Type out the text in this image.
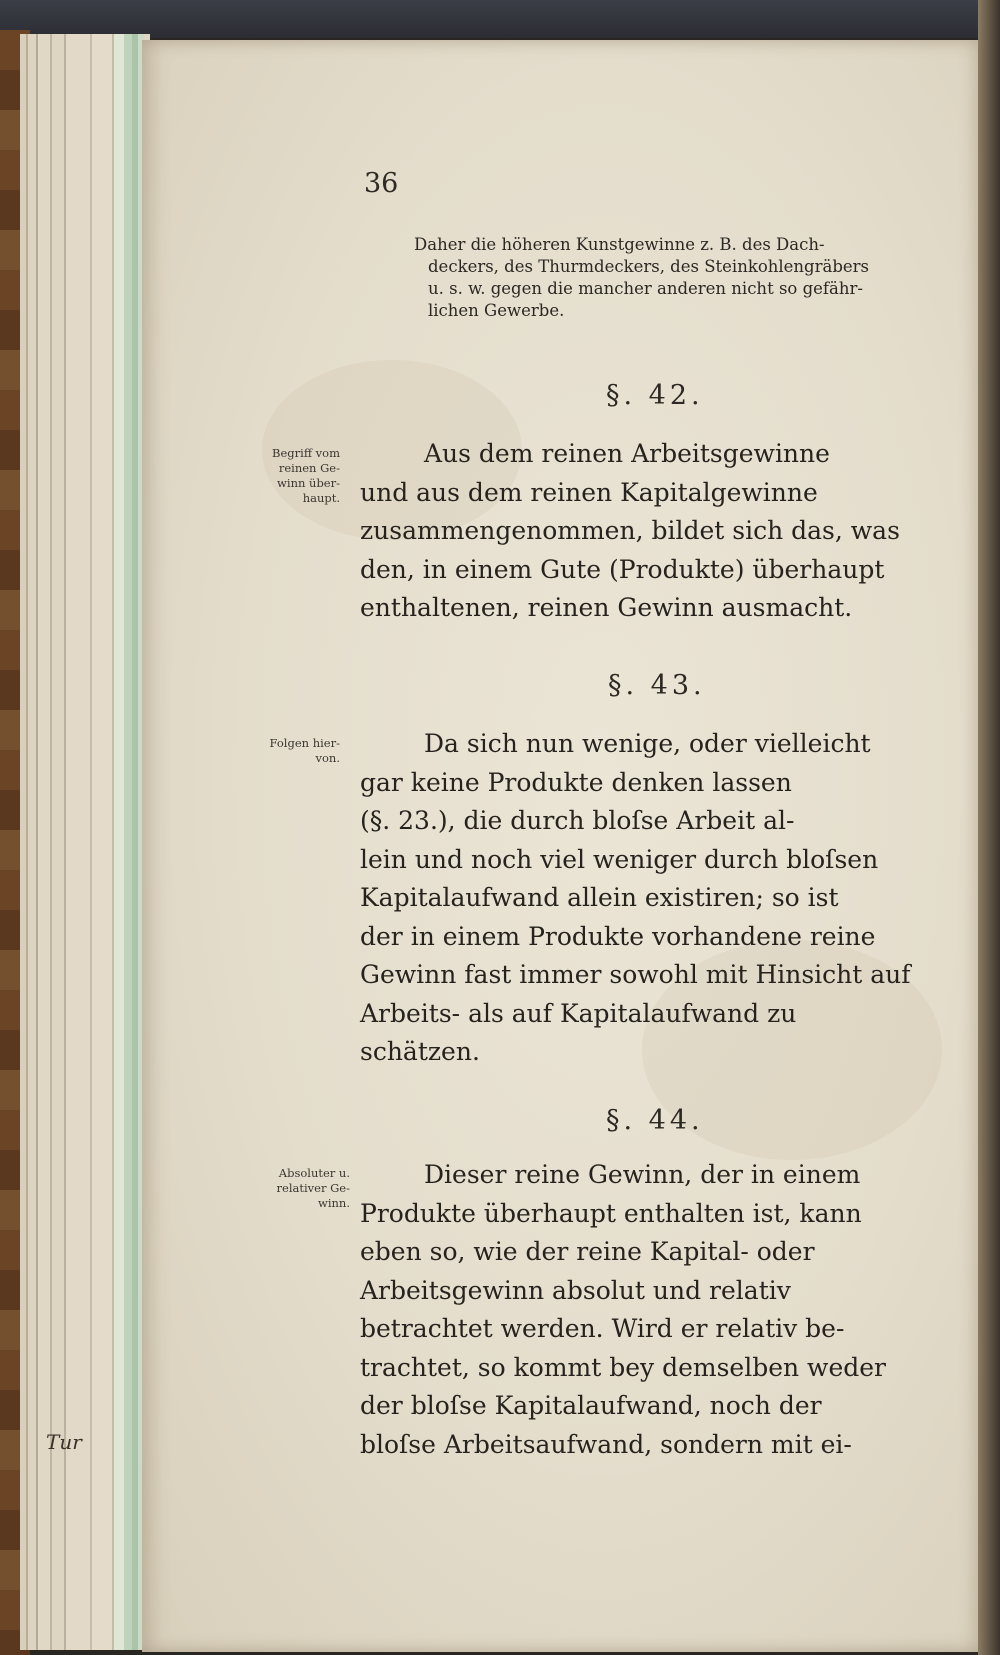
36

Daher die höheren Kunstgewinne z. B. des Dach-
deckers, des Thurmdeckers, des Steinkohlengräbers
u. s. w. gegen die mancher anderen nicht so gefähr-
lichen Gewerbe.

§. 42.

Begriff vom
reinen Ge-
winn über-
haupt.

Aus dem reinen Arbeitsgewinne
und aus dem reinen Kapitalgewinne
zusammengenommen, bildet sich das, was
den, in einem Gute (Produkte) überhaupt
enthaltenen, reinen Gewinn ausmacht.

§. 43.

Folgen hier-
von.	Da sich nun wenige, oder vielleicht
gar keine Produkte denken lassen
(§. 23.), die durch bloſse Arbeit al-
lein und noch viel weniger durch bloſsen
Kapitalaufwand allein existiren; so ist
der in einem Produkte vorhandene reine
Gewinn fast immer sowohl mit Hinsicht auf
Arbeits- als auf Kapitalaufwand zu
schätzen.

§. 44.

Absoluter u.
relativer Ge-
winn.

Dieser reine Gewinn, der in einem
Produkte überhaupt enthalten ist, kann
eben so, wie der reine Kapital- oder
Arbeitsgewinn absolut und relativ
betrachtet werden. Wird er relativ be-
trachtet, so kommt bey demselben weder
der bloſse Kapitalaufwand, noch der
bloſse Arbeitsaufwand, sondern mit ei-

Tur
